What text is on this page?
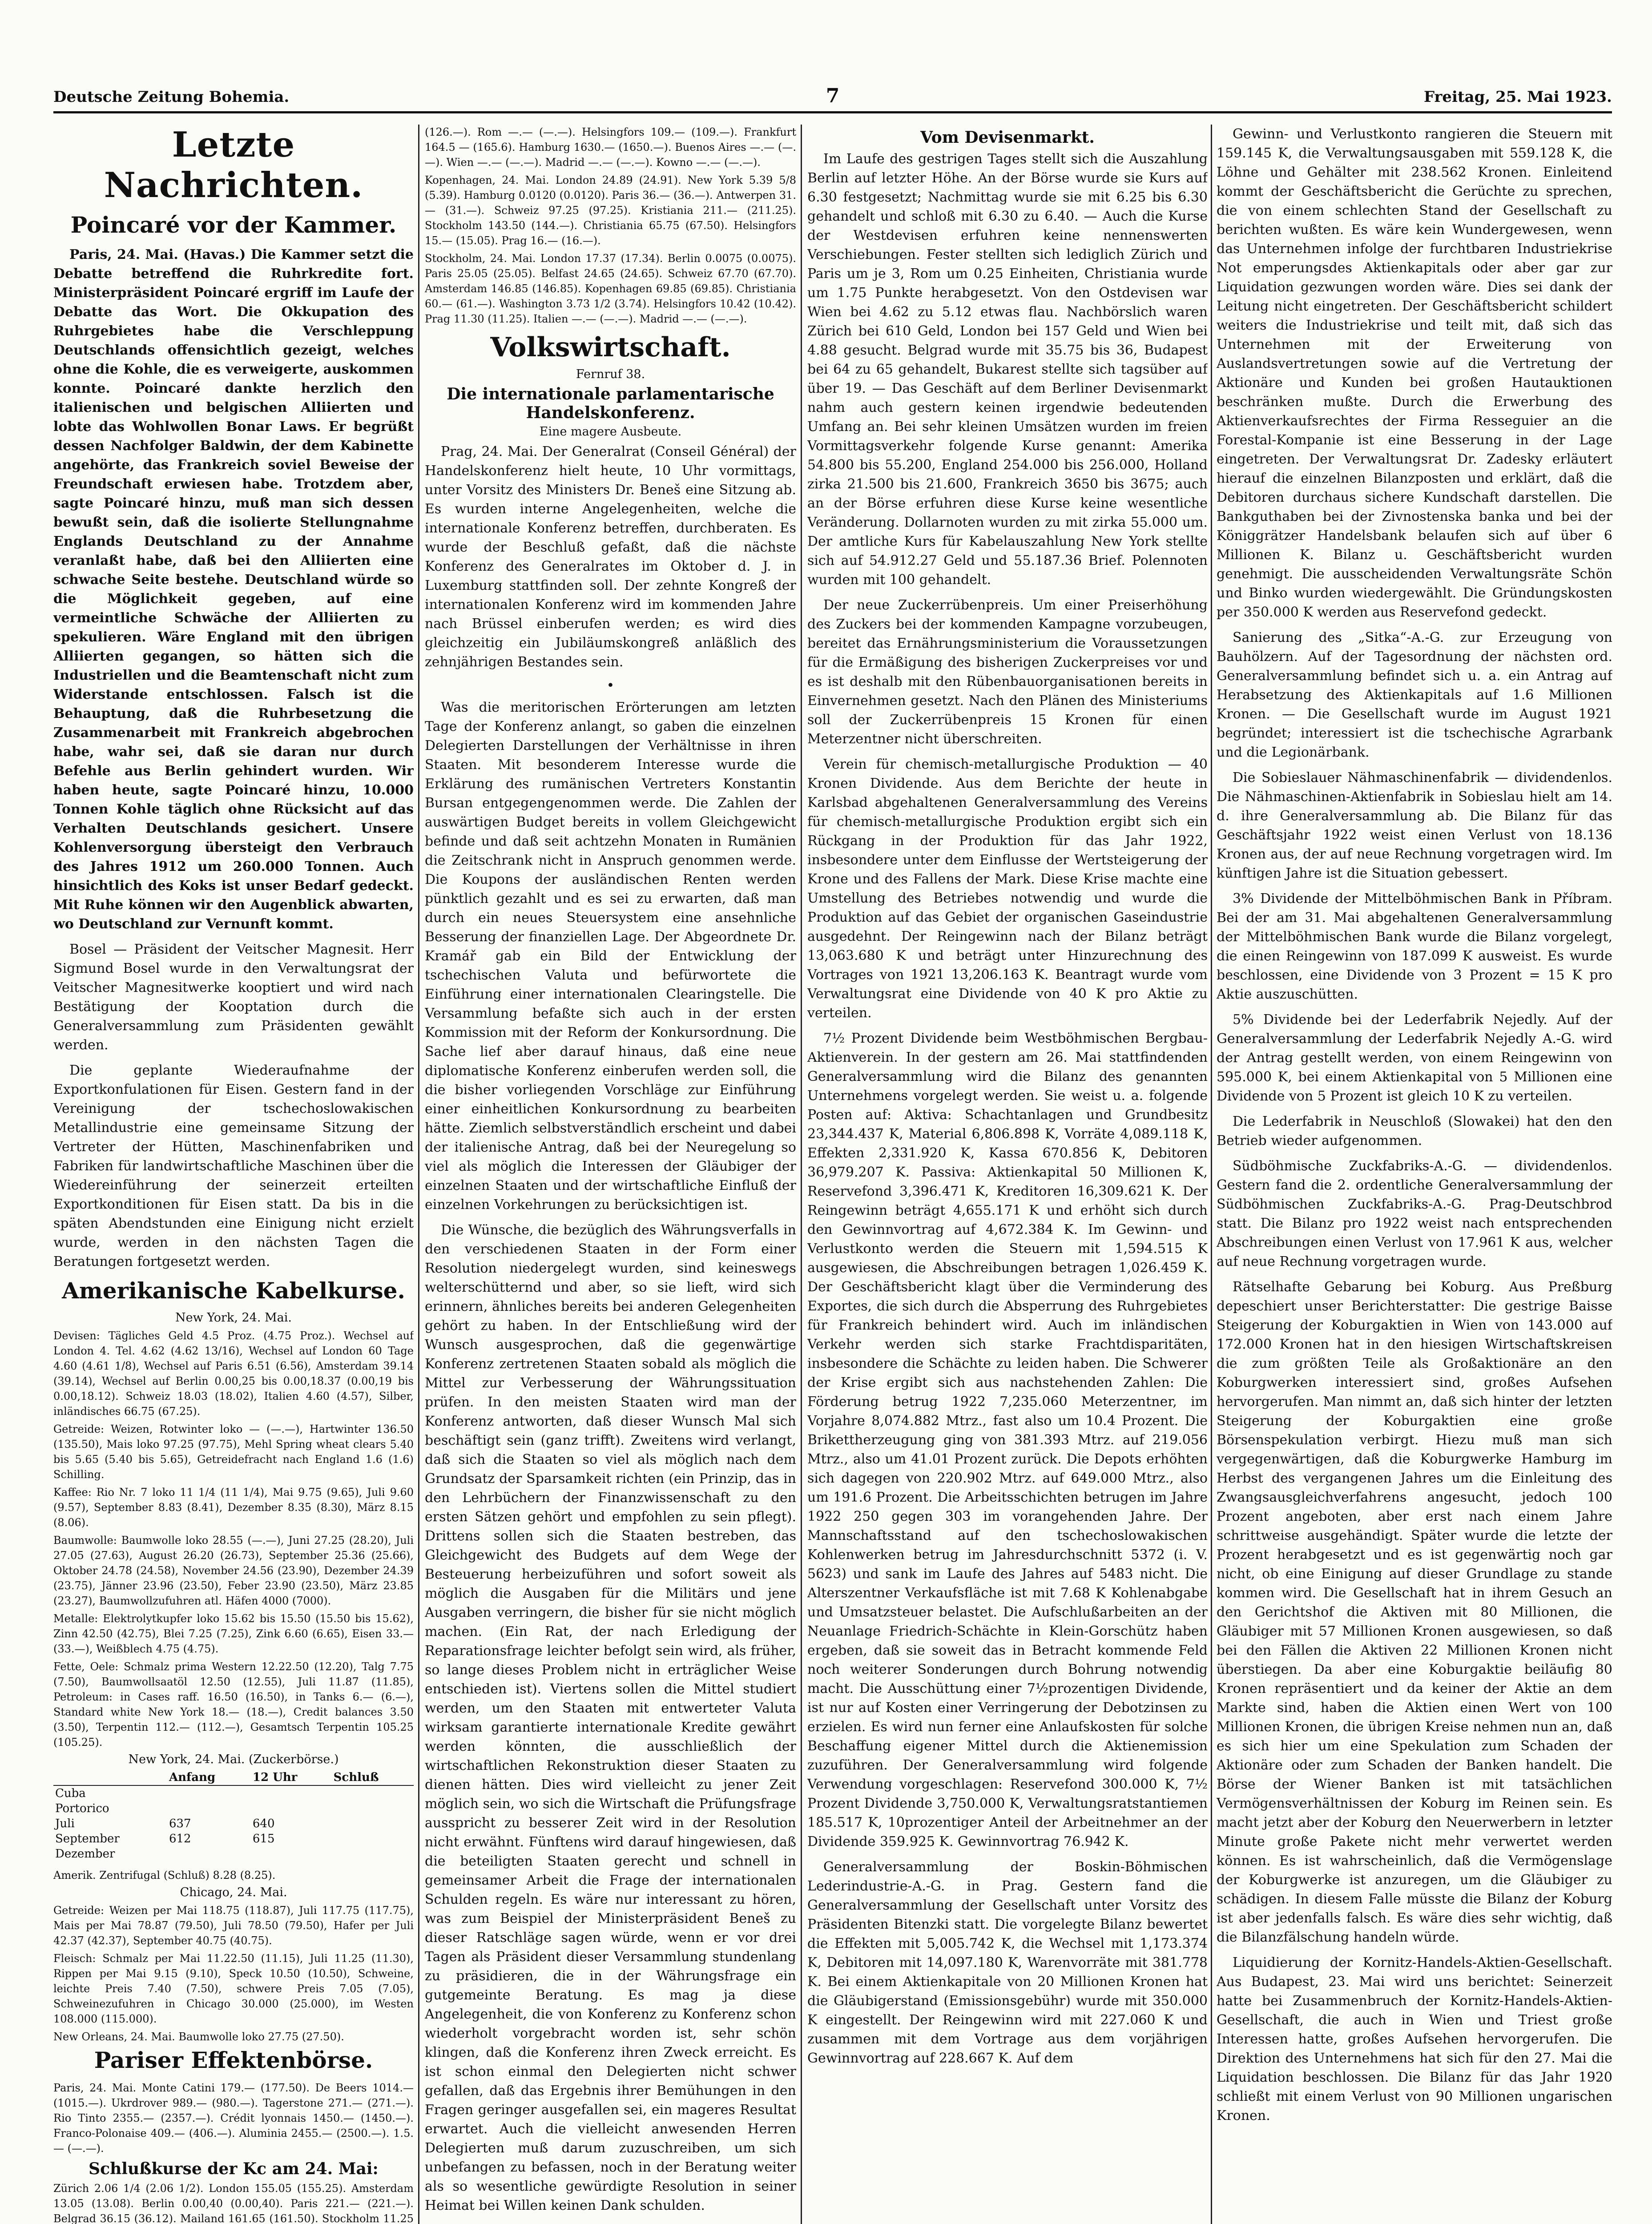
Deutsche Zeitung Bohemia.	7	Freitag, 25. Mai 1923.
Letzte Nachrichten.
Poincaré vor der Kammer.

Paris, 24. Mai. (Havas.) Die Kammer setzt die Debatte betreffend die Ruhrkredite fort. Ministerpräsident Poincaré ergriff im Laufe der Debatte das Wort. Die Okkupation des Ruhrgebietes habe die Verschleppung Deutschlands offensichtlich gezeigt, welches ohne die Kohle, die es verweigerte, auskommen konnte. Poincaré dankte herzlich den italienischen und belgischen Alliierten und lobte das Wohlwollen Bonar Laws. Er begrüßt dessen Nachfolger Baldwin, der dem Kabinette angehörte, das Frankreich soviel Beweise der Freundschaft erwiesen habe. Trotzdem aber, sagte Poincaré hinzu, muß man sich dessen bewußt sein, daß die isolierte Stellungnahme Englands Deutschland zu der Annahme veranlaßt habe, daß bei den Alliierten eine schwache Seite bestehe. Deutschland würde so die Möglichkeit gegeben, auf eine vermeintliche Schwäche der Alliierten zu spekulieren. Wäre England mit den übrigen Alliierten gegangen, so hätten sich die Industriellen und die Beamtenschaft nicht zum Widerstande entschlossen. Falsch ist die Behauptung, daß die Ruhrbesetzung die Zusammenarbeit mit Frankreich abgebrochen habe, wahr sei, daß sie daran nur durch Befehle aus Berlin gehindert wurden. Wir haben heute, sagte Poincaré hinzu, 10.000 Tonnen Kohle täglich ohne Rücksicht auf das Verhalten Deutschlands gesichert. Unsere Kohlenversorgung übersteigt den Verbrauch des Jahres 1912 um 260.000 Tonnen. Auch hinsichtlich des Koks ist unser Bedarf gedeckt. Mit Ruhe können wir den Augenblick abwarten, wo Deutschland zur Vernunft kommt.

Bosel — Präsident der Veitscher Magnesit. Herr Sigmund Bosel wurde in den Verwaltungsrat der Veitscher Magnesitwerke kooptiert und wird nach Bestätigung der Kooptation durch die Generalversammlung zum Präsidenten gewählt werden.

Die geplante Wiederaufnahme der Exportkonfulationen für Eisen. Gestern fand in der Vereinigung der tschechoslowakischen Metallindustrie eine gemeinsame Sitzung der Vertreter der Hütten, Maschinenfabriken und Fabriken für landwirtschaftliche Maschinen über die Wiedereinführung der seinerzeit erteilten Exportkonditionen für Eisen statt. Da bis in die späten Abendstunden eine Einigung nicht erzielt wurde, werden in den nächsten Tagen die Beratungen fortgesetzt werden.

Amerikanische Kabelkurse.
New York, 24. Mai.
Devisen: Tägliches Geld 4.5 Proz. (4.75 Proz.). Wechsel auf London 4. Tel. 4.62 (4.62 13/16), Wechsel auf London 60 Tage 4.60 (4.61 1/8), Wechsel auf Paris 6.51 (6.56), Amsterdam 39.14 (39.14), Wechsel auf Berlin 0.00,25 bis 0.00,18.37 (0.00,19 bis 0.00,18.12). Schweiz 18.03 (18.02), Italien 4.60 (4.57), Silber, inländisches 66.75 (67.25).
Getreide: Weizen, Rotwinter loko — (—.—), Hartwinter 136.50 (135.50), Mais loko 97.25 (97.75), Mehl Spring wheat clears 5.40 bis 5.65 (5.40 bis 5.65), Getreidefracht nach England 1.6 (1.6) Schilling.
Kaffee: Rio Nr. 7 loko 11 1/4 (11 1/4), Mai 9.75 (9.65), Juli 9.60 (9.57), September 8.83 (8.41), Dezember 8.35 (8.30), März 8.15 (8.06).
Baumwolle: Baumwolle loko 28.55 (—.—), Juni 27.25 (28.20), Juli 27.05 (27.63), August 26.20 (26.73), September 25.36 (25.66), Oktober 24.78 (24.58), November 24.56 (23.90), Dezember 24.39 (23.75), Jänner 23.96 (23.50), Feber 23.90 (23.50), März 23.85 (23.27), Baumwollzufuhren atl. Häfen 4000 (7000).
Metalle: Elektrolytkupfer loko 15.62 bis 15.50 (15.50 bis 15.62), Zinn 42.50 (42.75), Blei 7.25 (7.25), Zink 6.60 (6.65), Eisen 33.— (33.—), Weißblech 4.75 (4.75).
Fette, Oele: Schmalz prima Western 12.22.50 (12.20), Talg 7.75 (7.50), Baumwollsaatöl 12.50 (12.55), Juli 11.87 (11.85), Petroleum: in Cases raff. 16.50 (16.50), in Tanks 6.— (6.—), Standard white New York 18.— (18.—), Credit balances 3.50 (3.50), Terpentin 112.— (112.—), Gesamtsch Terpentin 105.25 (105.25).
New York, 24. Mai. (Zuckerbörse.)
	Anfang	12 Uhr	Schluß
Cuba			
Portorico			
Juli	637	640	
September	612	615	
Dezember			
Amerik. Zentrifugal (Schluß) 8.28 (8.25).
Chicago, 24. Mai.
Getreide: Weizen per Mai 118.75 (118.87), Juli 117.75 (117.75), Mais per Mai 78.87 (79.50), Juli 78.50 (79.50), Hafer per Juli 42.37 (42.37), September 40.75 (40.75).
Fleisch: Schmalz per Mai 11.22.50 (11.15), Juli 11.25 (11.30), Rippen per Mai 9.15 (9.10), Speck 10.50 (10.50), Schweine, leichte Preis 7.40 (7.50), schwere Preis 7.05 (7.05), Schweinezufuhren in Chicago 30.000 (25.000), im Westen 108.000 (115.000).
New Orleans, 24. Mai. Baumwolle loko 27.75 (27.50).
Pariser Effektenbörse.
Paris, 24. Mai. Monte Catini 179.— (177.50). De Beers 1014.— (1015.—). Ukrdrover 989.— (980.—). Tagerstone 271.— (271.—). Rio Tinto 2355.— (2357.—). Crédit lyonnais 1450.— (1450.—). Franco-Polonaise 409.— (406.—). Aluminia 2455.— (2500.—). 1.5.— (—.—).
Schlußkurse der Kc am 24. Mai:
Zürich 2.06 1/4 (2.06 1/2). London 155.05 (155.25). Amsterdam 13.05 (13.08). Berlin 0.00,40 (0.00,40). Paris 221.— (221.—). Belgrad 36.15 (36.12). Mailand 161.65 (161.50). Stockholm 11.25
(126.—). Rom —.— (—.—). Helsingfors 109.— (109.—). Frankfurt 164.5 — (165.6). Hamburg 1630.— (1650.—). Buenos Aires —.— (—.—). Wien —.— (—.—). Madrid —.— (—.—). Kowno —.— (—.—).
Kopenhagen, 24. Mai. London 24.89 (24.91). New York 5.39 5/8 (5.39). Hamburg 0.0120 (0.0120). Paris 36.— (36.—). Antwerpen 31.— (31.—). Schweiz 97.25 (97.25). Kristiania 211.— (211.25). Stockholm 143.50 (144.—). Christiania 65.75 (67.50). Helsingfors 15.— (15.05). Prag 16.— (16.—).
Stockholm, 24. Mai. London 17.37 (17.34). Berlin 0.0075 (0.0075). Paris 25.05 (25.05). Belfast 24.65 (24.65). Schweiz 67.70 (67.70). Amsterdam 146.85 (146.85). Kopenhagen 69.85 (69.85). Christiania 60.— (61.—). Washington 3.73 1/2 (3.74). Helsingfors 10.42 (10.42). Prag 11.30 (11.25). Italien —.— (—.—). Madrid —.— (—.—).
Volkswirtschaft.
Fernruf 38.
Die internationale parlamentarische Handelskonferenz.
Eine magere Ausbeute.

Prag, 24. Mai. Der Generalrat (Conseil Général) der Handelskonferenz hielt heute, 10 Uhr vormittags, unter Vorsitz des Ministers Dr. Beneš eine Sitzung ab. Es wurden interne Angelegenheiten, welche die internationale Konferenz betreffen, durchberaten. Es wurde der Beschluß gefaßt, daß die nächste Konferenz des Generalrates im Oktober d. J. in Luxemburg stattfinden soll. Der zehnte Kongreß der internationalen Konferenz wird im kommenden Jahre nach Brüssel einberufen werden; es wird dies gleichzeitig ein Jubiläumskongreß anläßlich des zehnjährigen Bestandes sein.

•

Was die meritorischen Erörterungen am letzten Tage der Konferenz anlangt, so gaben die einzelnen Delegierten Darstellungen der Verhältnisse in ihren Staaten. Mit besonderem Interesse wurde die Erklärung des rumänischen Vertreters Konstantin Bursan entgegengenommen werde. Die Zahlen der auswärtigen Budget bereits in vollem Gleichgewicht befinde und daß seit achtzehn Monaten in Rumänien die Zeitschrank nicht in Anspruch genommen werde. Die Koupons der ausländischen Renten werden pünktlich gezahlt und es sei zu erwarten, daß man durch ein neues Steuersystem eine ansehnliche Besserung der finanziellen Lage. Der Abgeordnete Dr. Kramář gab ein Bild der Entwicklung der tschechischen Valuta und befürwortete die Einführung einer internationalen Clearingstelle. Die Versammlung befaßte sich auch in der ersten Kommission mit der Reform der Konkursordnung. Die Sache lief aber darauf hinaus, daß eine neue diplomatische Konferenz einberufen werden soll, die die bisher vorliegenden Vorschläge zur Einführung einer einheitlichen Konkursordnung zu bearbeiten hätte. Ziemlich selbstverständlich erscheint und dabei der italienische Antrag, daß bei der Neuregelung so viel als möglich die Interessen der Gläubiger der einzelnen Staaten und der wirtschaftliche Einfluß der einzelnen Vorkehrungen zu berücksichtigen ist.

Die Wünsche, die bezüglich des Währungsverfalls in den verschiedenen Staaten in der Form einer Resolution niedergelegt wurden, sind keineswegs welterschütternd und aber, so sie lieft, wird sich erinnern, ähnliches bereits bei anderen Gelegenheiten gehört zu haben. In der Entschließung wird der Wunsch ausgesprochen, daß die gegenwärtige Konferenz zertretenen Staaten sobald als möglich die Mittel zur Verbesserung der Währungssituation prüfen. In den meisten Staaten wird man der Konferenz antworten, daß dieser Wunsch Mal sich beschäftigt sein (ganz trifft). Zweitens wird verlangt, daß sich die Staaten so viel als möglich nach dem Grundsatz der Sparsamkeit richten (ein Prinzip, das in den Lehrbüchern der Finanzwissenschaft zu den ersten Sätzen gehört und empfohlen zu sein pflegt). Drittens sollen sich die Staaten bestreben, das Gleichgewicht des Budgets auf dem Wege der Besteuerung herbeizuführen und sofort soweit als möglich die Ausgaben für die Militärs und jene Ausgaben verringern, die bisher für sie nicht möglich machen. (Ein Rat, der nach Erledigung der Reparationsfrage leichter befolgt sein wird, als früher, so lange dieses Problem nicht in erträglicher Weise entschieden ist). Viertens sollen die Mittel studiert werden, um den Staaten mit entwerteter Valuta wirksam garantierte internationale Kredite gewährt werden könnten, die ausschließlich der wirtschaftlichen Rekonstruktion dieser Staaten zu dienen hätten. Dies wird vielleicht zu jener Zeit möglich sein, wo sich die Wirtschaft die Prüfungsfrage ausspricht zu besserer Zeit wird in der Resolution nicht erwähnt. Fünftens wird darauf hingewiesen, daß die beteiligten Staaten gerecht und schnell in gemeinsamer Arbeit die Frage der internationalen Schulden regeln. Es wäre nur interessant zu hören, was zum Beispiel der Ministerpräsident Beneš zu dieser Ratschläge sagen würde, wenn er vor drei Tagen als Präsident dieser Versammlung stundenlang zu präsidieren, die in der Währungsfrage ein gutgemeinte Beratung. Es mag ja diese Angelegenheit, die von Konferenz zu Konferenz schon wiederholt vorgebracht worden ist, sehr schön klingen, daß die Konferenz ihren Zweck erreicht. Es ist schon einmal den Delegierten nicht schwer gefallen, daß das Ergebnis ihrer Bemühungen in den Fragen geringer ausgefallen sei, ein mageres Resultat erwartet. Auch die vielleicht anwesenden Herren Delegierten muß darum zuzuschreiben, um sich unbefangen zu befassen, noch in der Beratung weiter als so wesentliche gewürdigte Resolution in seiner Heimat bei Willen keinen Dank schulden.

Vom Devisenmarkt.

Im Laufe des gestrigen Tages stellt sich die Auszahlung Berlin auf letzter Höhe. An der Börse wurde sie Kurs auf 6.30 festgesetzt; Nachmittag wurde sie mit 6.25 bis 6.30 gehandelt und schloß mit 6.30 zu 6.40. — Auch die Kurse der Westdevisen erfuhren keine nennenswerten Verschiebungen. Fester stellten sich lediglich Zürich und Paris um je 3, Rom um 0.25 Einheiten, Christiania wurde um 1.75 Punkte herabgesetzt. Von den Ostdevisen war Wien bei 4.62 zu 5.12 etwas flau. Nachbörslich waren Zürich bei 610 Geld, London bei 157 Geld und Wien bei 4.88 gesucht. Belgrad wurde mit 35.75 bis 36, Budapest bei 64 zu 65 gehandelt, Bukarest stellte sich tagsüber auf über 19. — Das Geschäft auf dem Berliner Devisenmarkt nahm auch gestern keinen irgendwie bedeutenden Umfang an. Bei sehr kleinen Umsätzen wurden im freien Vormittagsverkehr folgende Kurse genannt: Amerika 54.800 bis 55.200, England 254.000 bis 256.000, Holland zirka 21.500 bis 21.600, Frankreich 3650 bis 3675; auch an der Börse erfuhren diese Kurse keine wesentliche Veränderung. Dollarnoten wurden zu mit zirka 55.000 um. Der amtliche Kurs für Kabelauszahlung New York stellte sich auf 54.912.27 Geld und 55.187.36 Brief. Polennoten wurden mit 100 gehandelt.

Der neue Zuckerrübenpreis. Um einer Preiserhöhung des Zuckers bei der kommenden Kampagne vorzubeugen, bereitet das Ernährungsministerium die Voraussetzungen für die Ermäßigung des bisherigen Zuckerpreises vor und es ist deshalb mit den Rübenbauorganisationen bereits in Einvernehmen gesetzt. Nach den Plänen des Ministeriums soll der Zuckerrübenpreis 15 Kronen für einen Meterzentner nicht überschreiten.

Verein für chemisch-metallurgische Produktion — 40 Kronen Dividende. Aus dem Berichte der heute in Karlsbad abgehaltenen Generalversammlung des Vereins für chemisch-metallurgische Produktion ergibt sich ein Rückgang in der Produktion für das Jahr 1922, insbesondere unter dem Einflusse der Wertsteigerung der Krone und des Fallens der Mark. Diese Krise machte eine Umstellung des Betriebes notwendig und wurde die Produktion auf das Gebiet der organischen Gaseindustrie ausgedehnt. Der Reingewinn nach der Bilanz beträgt 13,063.680 K und beträgt unter Hinzurechnung des Vortrages von 1921 13,206.163 K. Beantragt wurde vom Verwaltungsrat eine Dividende von 40 K pro Aktie zu verteilen.

7½ Prozent Dividende beim Westböhmischen Bergbau-Aktienverein. In der gestern am 26. Mai stattfindenden Generalversammlung wird die Bilanz des genannten Unternehmens vorgelegt werden. Sie weist u. a. folgende Posten auf: Aktiva: Schachtanlagen und Grundbesitz 23,344.437 K, Material 6,806.898 K, Vorräte 4,089.118 K, Effekten 2,331.920 K, Kassa 670.856 K, Debitoren 36,979.207 K. Passiva: Aktienkapital 50 Millionen K, Reservefond 3,396.471 K, Kreditoren 16,309.621 K. Der Reingewinn beträgt 4,655.171 K und erhöht sich durch den Gewinnvortrag auf 4,672.384 K. Im Gewinn- und Verlustkonto werden die Steuern mit 1,594.515 K ausgewiesen, die Abschreibungen betragen 1,026.459 K. Der Geschäftsbericht klagt über die Verminderung des Exportes, die sich durch die Absperrung des Ruhrgebietes für Frankreich behindert wird. Auch im inländischen Verkehr werden sich starke Frachtdisparitäten, insbesondere die Schächte zu leiden haben. Die Schwerer der Krise ergibt sich aus nachstehenden Zahlen: Die Förderung betrug 1922 7,235.060 Meterzentner, im Vorjahre 8,074.882 Mtrz., fast also um 10.4 Prozent. Die Brikettherzeugung ging von 381.393 Mtrz. auf 219.056 Mtrz., also um 41.01 Prozent zurück. Die Depots erhöhten sich dagegen von 220.902 Mtrz. auf 649.000 Mtrz., also um 191.6 Prozent. Die Arbeitsschichten betrugen im Jahre 1922 250 gegen 303 im vorangehenden Jahre. Der Mannschaftsstand auf den tschechoslowakischen Kohlenwerken betrug im Jahresdurchschnitt 5372 (i. V. 5623) und sank im Laufe des Jahres auf 5483 nicht. Die Alterszentner Verkaufsfläche ist mit 7.68 K Kohlenabgabe und Umsatzsteuer belastet. Die Aufschlußarbeiten an der Neuanlage Friedrich-Schächte in Klein-Gorschütz haben ergeben, daß sie soweit das in Betracht kommende Feld noch weiterer Sonderungen durch Bohrung notwendig macht. Die Ausschüttung einer 7½prozentigen Dividende, ist nur auf Kosten einer Verringerung der Debotzinsen zu erzielen. Es wird nun ferner eine Anlaufskosten für solche Beschaffung eigener Mittel durch die Aktienemission zuzuführen. Der Generalversammlung wird folgende Verwendung vorgeschlagen: Reservefond 300.000 K, 7½ Prozent Dividende 3,750.000 K, Verwaltungsratstantiemen 185.517 K, 10prozentiger Anteil der Arbeitnehmer an der Dividende 359.925 K. Gewinnvortrag 76.942 K.

Generalversammlung der Boskin-Böhmischen Lederindustrie-A.-G. in Prag. Gestern fand die Generalversammlung der Gesellschaft unter Vorsitz des Präsidenten Bitenzki statt. Die vorgelegte Bilanz bewertet die Effekten mit 5,005.742 K, die Wechsel mit 1,173.374 K, Debitoren mit 14,097.180 K, Warenvorräte mit 381.778 K. Bei einem Aktienkapitale von 20 Millionen Kronen hat die Gläubigerstand (Emissionsgebühr) wurde mit 350.000 K eingestellt. Der Reingewinn wird mit 227.060 K und zusammen mit dem Vortrage aus dem vorjährigen Gewinnvortrag auf 228.667 K. Auf dem

Gewinn- und Verlustkonto rangieren die Steuern mit 159.145 K, die Verwaltungsausgaben mit 559.128 K, die Löhne und Gehälter mit 238.562 Kronen. Einleitend kommt der Geschäftsbericht die Gerüchte zu sprechen, die von einem schlechten Stand der Gesellschaft zu berichten wußten. Es wäre kein Wundergewesen, wenn das Unternehmen infolge der furchtbaren Industriekrise Not emperungsdes Aktienkapitals oder aber gar zur Liquidation gezwungen worden wäre. Dies sei dank der Leitung nicht eingetreten. Der Geschäftsbericht schildert weiters die Industriekrise und teilt mit, daß sich das Unternehmen mit der Erweiterung von Auslandsvertretungen sowie auf die Vertretung der Aktionäre und Kunden bei großen Hautauktionen beschränken mußte. Durch die Erwerbung des Aktienverkaufsrechtes der Firma Resseguier an die Forestal-Kompanie ist eine Besserung in der Lage eingetreten. Der Verwaltungsrat Dr. Zadesky erläutert hierauf die einzelnen Bilanzposten und erklärt, daß die Debitoren durchaus sichere Kundschaft darstellen. Die Bankguthaben bei der Zivnostenska banka und bei der Königgrätzer Handelsbank belaufen sich auf über 6 Millionen K. Bilanz u. Geschäftsbericht wurden genehmigt. Die ausscheidenden Verwaltungsräte Schön und Binko wurden wiedergewählt. Die Gründungskosten per 350.000 K werden aus Reservefond gedeckt.

Sanierung des „Sitka“-A.-G. zur Erzeugung von Bauhölzern. Auf der Tagesordnung der nächsten ord. Generalversammlung befindet sich u. a. ein Antrag auf Herabsetzung des Aktienkapitals auf 1.6 Millionen Kronen. — Die Gesellschaft wurde im August 1921 begründet; interessiert ist die tschechische Agrarbank und die Legionärbank.

Die Sobieslauer Nähmaschinenfabrik — dividendenlos. Die Nähmaschinen-Aktienfabrik in Sobieslau hielt am 14. d. ihre Generalversammlung ab. Die Bilanz für das Geschäftsjahr 1922 weist einen Verlust von 18.136 Kronen aus, der auf neue Rechnung vorgetragen wird. Im künftigen Jahre ist die Situation gebessert.

3% Dividende der Mittelböhmischen Bank in Příbram. Bei der am 31. Mai abgehaltenen Generalversammlung der Mittelböhmischen Bank wurde die Bilanz vorgelegt, die einen Reingewinn von 187.099 K ausweist. Es wurde beschlossen, eine Dividende von 3 Prozent = 15 K pro Aktie auszuschütten.

5% Dividende bei der Lederfabrik Nejedly. Auf der Generalversammlung der Lederfabrik Nejedly A.-G. wird der Antrag gestellt werden, von einem Reingewinn von 595.000 K, bei einem Aktienkapital von 5 Millionen eine Dividende von 5 Prozent ist gleich 10 K zu verteilen.

Die Lederfabrik in Neuschloß (Slowakei) hat den den Betrieb wieder aufgenommen.

Südböhmische Zuckfabriks-A.-G. — dividendenlos. Gestern fand die 2. ordentliche Generalversammlung der Südböhmischen Zuckfabriks-A.-G. Prag-Deutschbrod statt. Die Bilanz pro 1922 weist nach entsprechenden Abschreibungen einen Verlust von 17.961 K aus, welcher auf neue Rechnung vorgetragen wurde.

Rätselhafte Gebarung bei Koburg. Aus Preßburg depeschiert unser Berichterstatter: Die gestrige Baisse Steigerung der Koburgaktien in Wien von 143.000 auf 172.000 Kronen hat in den hiesigen Wirtschaftskreisen die zum größten Teile als Großaktionäre an den Koburgwerken interessiert sind, großes Aufsehen hervorgerufen. Man nimmt an, daß sich hinter der letzten Steigerung der Koburgaktien eine große Börsenspekulation verbirgt. Hiezu muß man sich vergegenwärtigen, daß die Koburgwerke Hamburg im Herbst des vergangenen Jahres um die Einleitung des Zwangsausgleichverfahrens angesucht, jedoch 100 Prozent angeboten, aber erst nach einem Jahre schrittweise ausgehändigt. Später wurde die letzte der Prozent herabgesetzt und es ist gegenwärtig noch gar nicht, ob eine Einigung auf dieser Grundlage zu stande kommen wird. Die Gesellschaft hat in ihrem Gesuch an den Gerichtshof die Aktiven mit 80 Millionen, die Gläubiger mit 57 Millionen Kronen ausgewiesen, so daß bei den Fällen die Aktiven 22 Millionen Kronen nicht überstiegen. Da aber eine Koburgaktie beiläufig 80 Kronen repräsentiert und da keiner der Aktie an dem Markte sind, haben die Aktien einen Wert von 100 Millionen Kronen, die übrigen Kreise nehmen nun an, daß es sich hier um eine Spekulation zum Schaden der Aktionäre oder zum Schaden der Banken handelt. Die Börse der Wiener Banken ist mit tatsächlichen Vermögensverhältnissen der Koburg im Reinen sein. Es macht jetzt aber der Koburg den Neuerwerbern in letzter Minute große Pakete nicht mehr verwertet werden können. Es ist wahrscheinlich, daß die Vermögenslage der Koburgwerke ist anzuregen, um die Gläubiger zu schädigen. In diesem Falle müsste die Bilanz der Koburg ist aber jedenfalls falsch. Es wäre dies sehr wichtig, daß die Bilanzfälschung handeln würde.

Liquidierung der Kornitz-Handels-Aktien-Gesellschaft. Aus Budapest, 23. Mai wird uns berichtet: Seinerzeit hatte bei Zusammenbruch der Kornitz-Handels-Aktien-Gesellschaft, die auch in Wien und Triest große Interessen hatte, großes Aufsehen hervorgerufen. Die Direktion des Unternehmens hat sich für den 27. Mai die Liquidation beschlossen. Die Bilanz für das Jahr 1920 schließt mit einem Verlust von 90 Millionen ungarischen Kronen.
